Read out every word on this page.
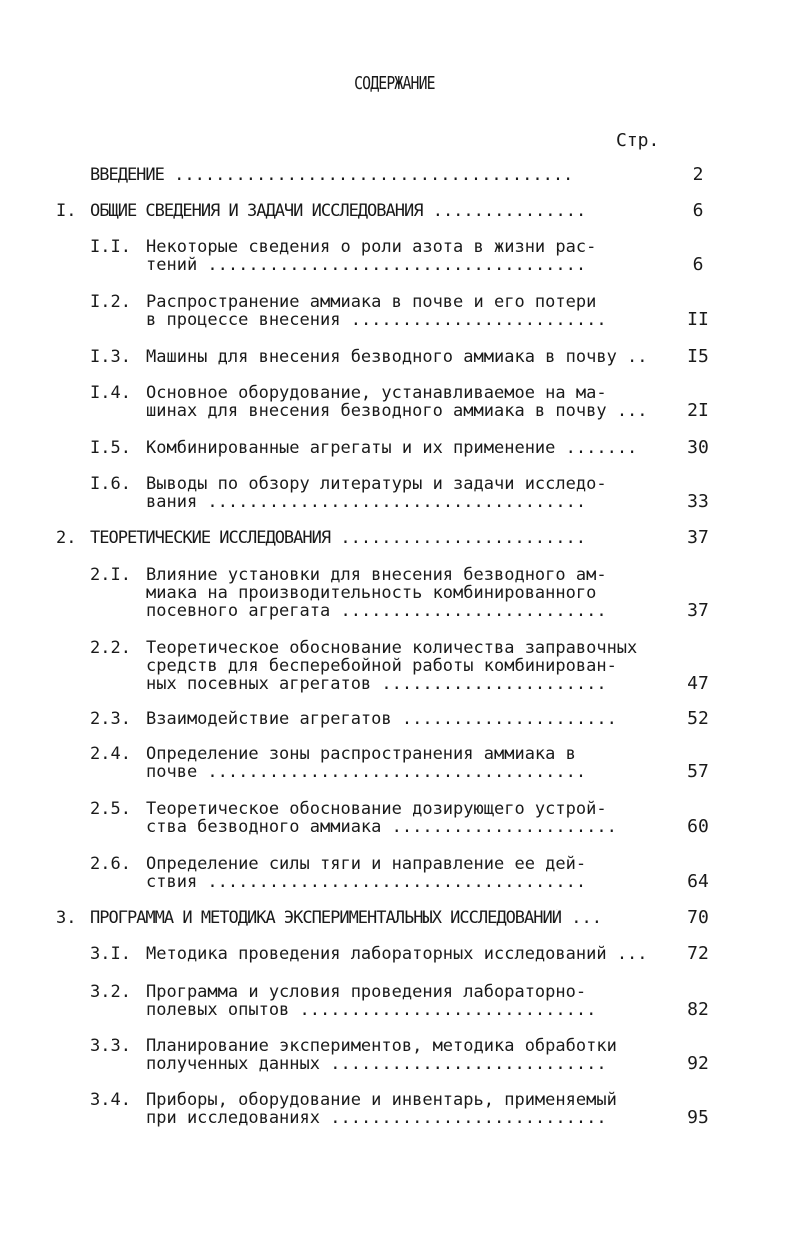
СОДЕРЖАНИЕ
Стр.
ВВЕДЕНИЕ .......................................	2
I. ОБЩИЕ СВЕДЕНИЯ И ЗАДАЧИ ИССЛЕДОВАНИЯ ...............	6
I.I. Некоторые сведения о роли азота в жизни рас-
тений .....................................	6
I.2. Распространение аммиака в почве и его потери
в процессе внесения .........................	II
I.3. Машины для внесения безводного аммиака в почву ..	I5
I.4. Основное оборудование, устанавливаемое на ма-
шинах для внесения безводного аммиака в почву ...	2I
I.5. Комбинированные агрегаты и их применение .......	30
I.6. Выводы по обзору литературы и задачи исследо-
вания .....................................	33
2. ТЕОРЕТИЧЕСКИЕ ИССЛЕДОВАНИЯ ........................	37
2.I. Влияние установки для внесения безводного ам-
миака на производительность комбинированного
посевного агрегата ..........................	37
2.2. Теоретическое обоснование количества заправочных
средств для бесперебойной работы комбинирован-
ных посевных агрегатов ......................	47
2.3. Взаимодействие агрегатов .....................	52
2.4. Определение зоны распространения аммиака в
почве .....................................	57
2.5. Теоретическое обоснование дозирующего устрой-
ства безводного аммиака ......................	60
2.6. Определение силы тяги и направление ее дей-
ствия .....................................	64
3. ПРОГРАММА И МЕТОДИКА ЭКСПЕРИМЕНТАЛЬНЫХ ИССЛЕДОВАНИЙ ...	70
3.I. Методика проведения лабораторных исследований ...	72
3.2. Программа и условия проведения лабораторно-
полевых опытов .............................	82
3.3. Планирование экспериментов, методика обработки
полученных данных ...........................	92
3.4. Приборы, оборудование и инвентарь, применяемый
при исследованиях ...........................	95
